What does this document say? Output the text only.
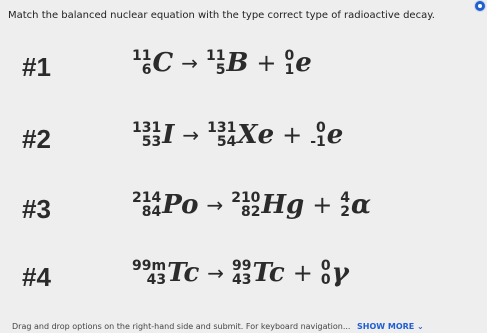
Match the balanced nuclear equation with the type correct type of radioactive decay.
#1	11
6 C → 11
5 B + 0
1 e
#2	131
53 I → 131
54 Xe + 0
-1 e
#3	214
84 Po → 210
82 Hg + 4
2 α
#4	99m
43 Tc → 99
43 Tc + 0
0 γ
Drag and drop options on the right-hand side and submit. For keyboard navigation... SHOW MORE ⌄
